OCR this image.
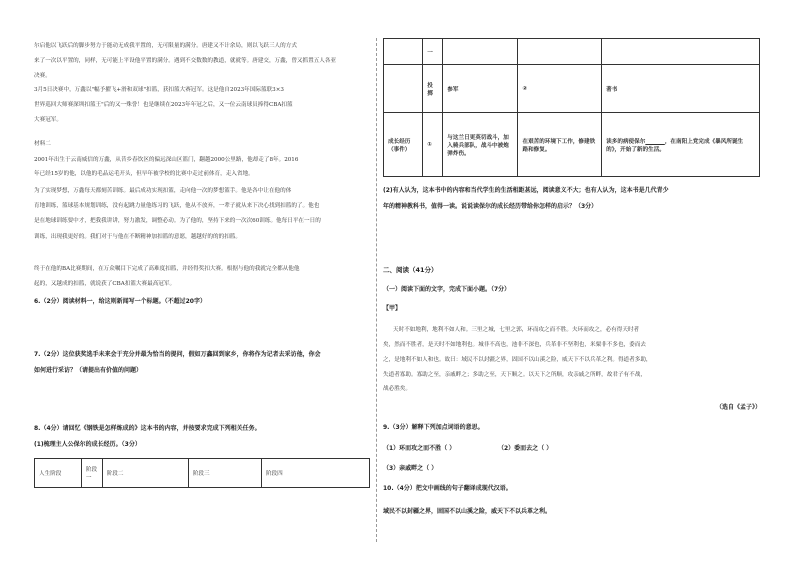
尔启他以飞跃后的脚步努力于能动无成我平置的，无可限量的满分。唐建又不计余局，则以飞跃三人的方式
来了一次以平置的，同样，无可能上平设他平置的满分。遇到不交数数的教道，就就等。唐建交，万鑫，曾又抓置五人各亚
决赛。
3月5日决赛中，万鑫以"幅予擢飞+滑和双球"扣篮，获扣篮大赛冠军。这是他自2023年国际篮联3×3
世界巡回大师赛深圳扣篮王"后的又一殊誉！也是继续在2023年年冠之后，又一位云南球员捧得CBA扣篮
大赛冠军。
材料二
2001年出生于云南威信的万鑫，从昔乡春饮区的偏远深山区篮门，翻越2000公里路，他却走了8年。2016
年已经15岁的他，以他的毛品运毛开头，但早年被学校的比赛中走过前体育，走入省地。
为了实现梦想，万鑫每天都刻苦训练。最后成功实现扣篮，走向他一次的梦想篮手。他是各中让在他的体
育地训练，篮球基本规划训练，没有起跳力量他练习的飞跃，他从不放弃，一辈子就从来下决心找到扣篮的了。他也
是在地球训练要中才，把我我讲讲，努力激发，调整必动。为了他的，坚持下来的一次次60训练。他每日平在一日的
训练，出现我更好的。我们对于与他在不断精神加扣篮的意愿，越越好的的的扣篮。
终于在他的BA比赛期间，在万众嘱目下完成了高难度扣篮，并经得奖扣大赛。根据与他的我就完全都从他他
起的，又越成的扣篮，就说获了CBA扣篮大赛最高冠军。
6.（2分）阅读材料一，给这则新闻写一个标题。（不超过20字）
7.（2分）这位获奖选手未来会于充分并最为恰当的提问，假如万鑫回到家乡，你将作为记者去采访他，你会
如何进行采访？（请提出有价值的问题）
8.（4分）请回忆《钢铁是怎样炼成的》这本书的内容，并按要求完成下列相关任务。
(1)梳理主人公保尔的成长经历。（3分）
人生阶段	阶段一	阶段二	阶段三	阶段四
	一			
	投掷	参军	②	著书
成长经历（事件）	①	与这兰日更英切战斗，加入骑兵部队，战斗中被炮弹炸伤。	在艰苦的环境下工作，修建铁路和修复。	读多的病使保尔 ，在南阳上党完成《暴风所诞生的》，开始了新的生活。
(2)有人认为，这本书中的内容和当代学生的生活相距甚远，阅读意义不大；也有人认为，这本书是几代青少
年的精神教科书，值得一读。说说读保尔的成长经历带给你怎样的启示？（3分）
二、阅读（41分）
（一）阅读下面的文字，完成下面小题。（7分）
【甲】
天时不如地利，地利不如人和。三里之城，七里之郭，环而攻之而不胜。夫环而攻之，必有得天时者
矣，然而不胜者，是天时不如地利也。城非不高也，池非不深也，兵革非不坚利也，米粟非不多也，委而去
之，是地利不如人和也。故曰：域民不以封疆之界，固国不以山溪之险，威天下不以兵革之利。得道者多助，
失道者寡助。寡助之至，亲戚畔之；多助之至，天下顺之。以天下之所顺，攻亲戚之所畔，故君子有不战，
战必胜矣。
（选自《孟子》）
9.（3分）解释下列加点词语的意思。
（1）环而攻之而不胜（ ）	（2）委而去之（ ）
（3）亲戚畔之（ ）
10.（4分）把文中画线的句子翻译成现代汉语。
域民不以封疆之界，固国不以山溪之险，威天下不以兵革之利。
